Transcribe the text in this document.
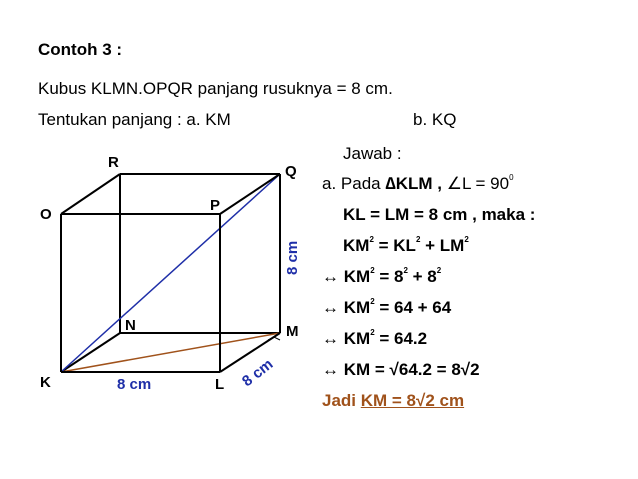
Contoh 3 :
Kubus KLMN.OPQR panjang rusuknya = 8 cm.
Tentukan panjang : a. KM	b. KQ
R
Q
O
P
N	M
K	L
8 cm	8 cm
8 cm
Jawab :
a. Pada ∆KLM , ∠L = $90^0$
KL = LM = 8 cm , maka :
$KM^2 = KL^2 + LM^2$
↔ $KM^2 = 8^2 + 8^2$
↔ $KM^2 = 64 + 64$
↔ $KM^2 = 64.2$
↔ KM = √64.2 = 8√2
Jadi KM = 8√2 cm
